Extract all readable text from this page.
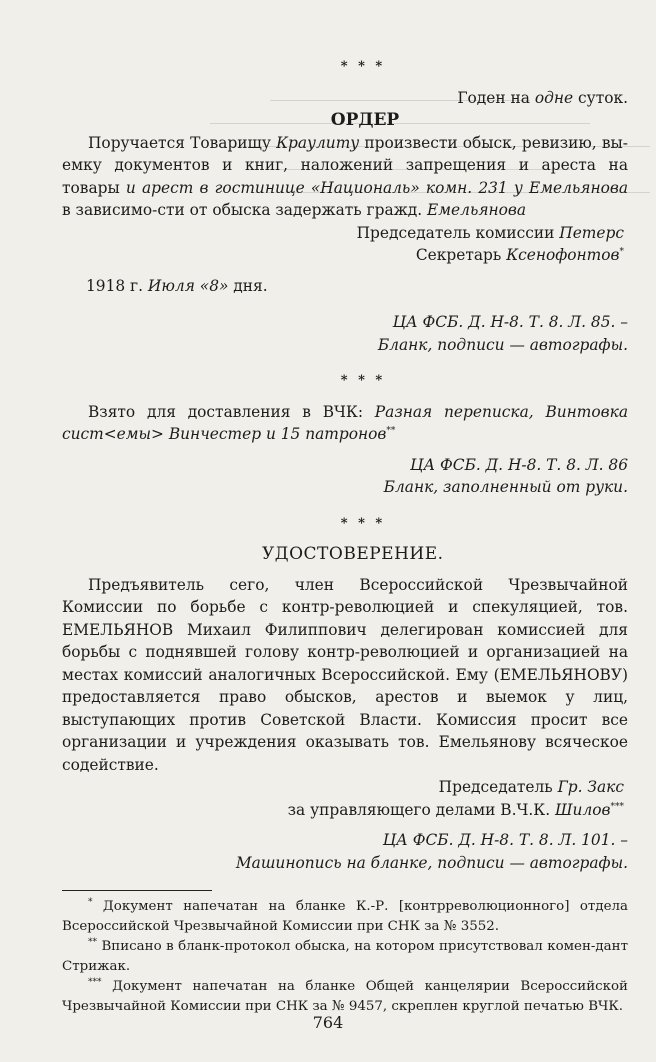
* * *

Годен на одне суток.

ОРДЕР

Поручается Товарищу Краулиту произвести обыск, ревизию, вы-емку документов и книг, наложений запрещения и ареста на товары и арест в гостинице «Националь» комн. 231 у Емельянова в зависимо-сти от обыска задержать гражд. Емельянова

Председатель комиссии Петерс

Секретарь Ксенофонтов*

1918 г. Июля «8» дня.

ЦА ФСБ. Д. Н-8. Т. 8. Л. 85. –

Бланк, подписи — автографы.

* * *

Взято для доставления в ВЧК: Разная переписка, Винтовка сист<емы> Винчестер и 15 патронов**

ЦА ФСБ. Д. Н-8. Т. 8. Л. 86

Бланк, заполненный от руки.

* * *

УДОСТОВЕРЕНИЕ.

Предъявитель сего, член Всероссийской Чрезвычайной Комиссии по борьбе с контр-революцией и спекуляцией, тов. ЕМЕЛЬЯНОВ Михаил Филиппович делегирован комиссией для борьбы с поднявшей голову контр-революцией и организацией на местах комиссий аналогичных Всероссийской. Ему (ЕМЕЛЬЯНОВУ) предоставляется право обысков, арестов и выемок у лиц, выступающих против Советской Власти. Комиссия просит все организации и учреждения оказывать тов. Емельянову всяческое содействие.

Председатель Гр. Закс

за управляющего делами В.Ч.К. Шилов***

ЦА ФСБ. Д. Н-8. Т. 8. Л. 101. –

Машинопись на бланке, подписи — автографы.

* Документ напечатан на бланке К.-Р. [контрреволюционного] отдела Всероссийской Чрезвычайной Комиссии при СНК за № 3552.

** Вписано в бланк-протокол обыска, на котором присутствовал комен-дант Стрижак.

*** Документ напечатан на бланке Общей канцелярии Всероссийской Чрезвычайной Комиссии при СНК за № 9457, скреплен круглой печатью ВЧК.

764
